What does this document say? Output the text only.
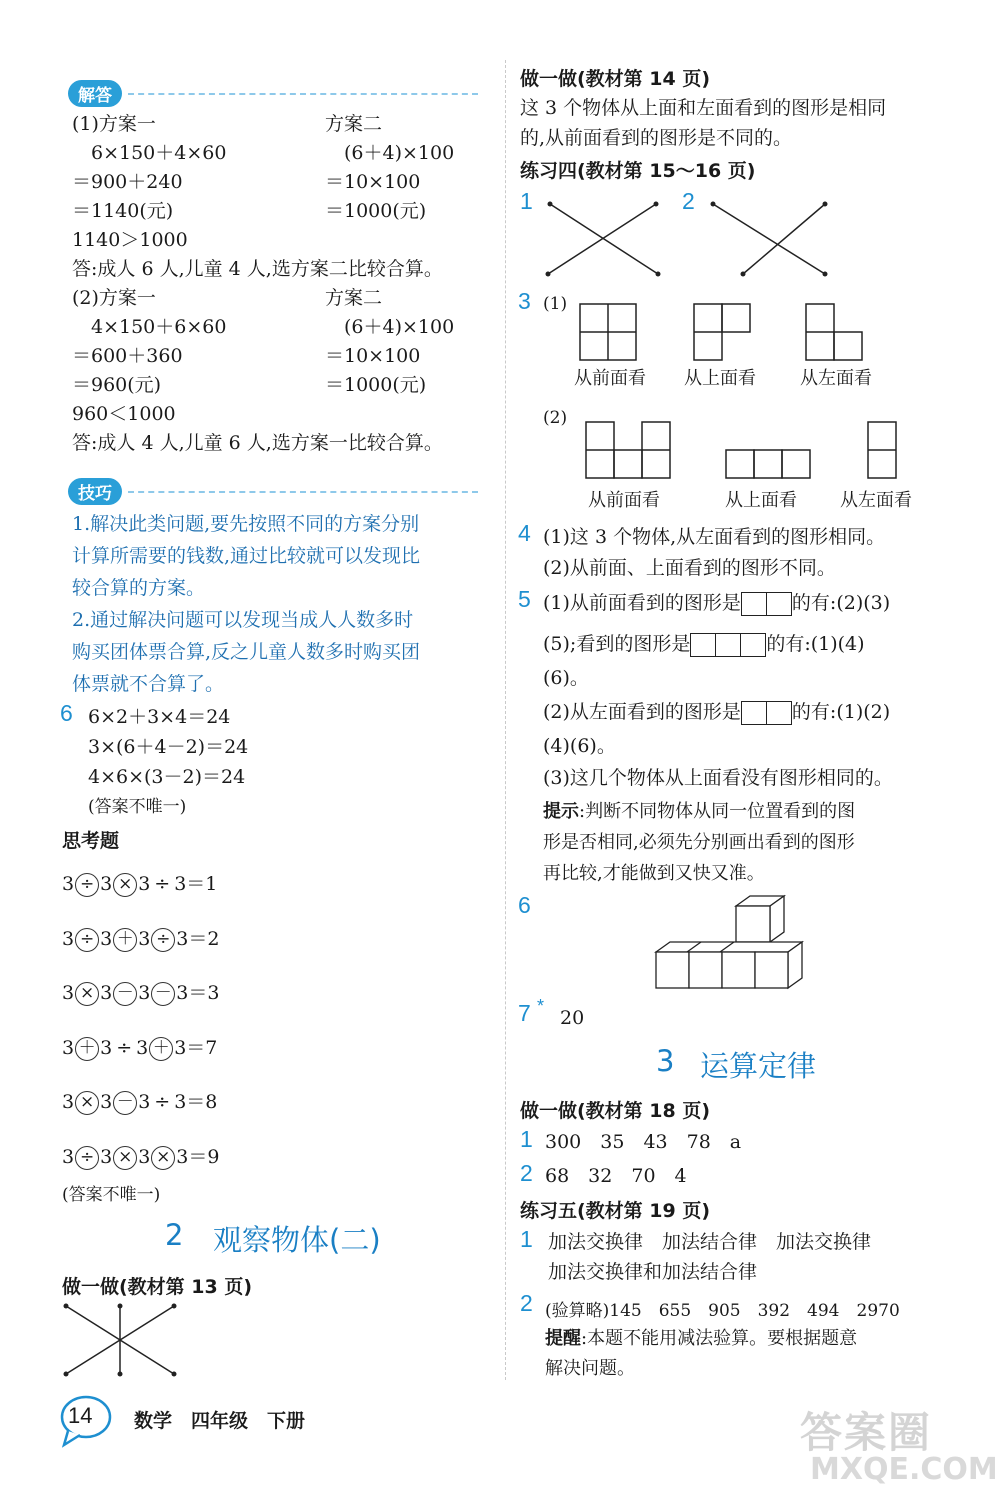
解答
(1)方案一	方案二
　6×150＋4×60	　(6＋4)×100
＝900＋240	＝10×100
＝1140(元)	＝1000(元)
1140＞1000
答:成人 6 人,儿童 4 人,选方案二比较合算。
(2)方案一	方案二
　4×150＋6×60	　(6＋4)×100
＝600＋360	＝10×100
＝960(元)	＝1000(元)
960＜1000
答:成人 4 人,儿童 6 人,选方案一比较合算。
技巧
1.解决此类问题,要先按照不同的方案分别
计算所需要的钱数,通过比较就可以发现比
较合算的方案。
2.通过解决问题可以发现当成人人数多时
购买团体票合算,反之儿童人数多时购买团
体票就不合算了。
6 6×2＋3×4＝24
3×(6＋4－2)＝24
4×6×(3－2)＝24
(答案不唯一)
思考题
3 ÷ 3 × 3 ÷ 3＝1
3 ÷ 3 ＋ 3 ÷ 3＝2
3 × 3 － 3 － 3＝3
3 ＋ 3 ÷ 3 ＋ 3＝7
3 × 3 － 3 ÷ 3＝8
3 ÷ 3 × 3 × 3＝9
(答案不唯一)
2 观察物体(二)
做一做(教材第 13 页)
做一做(教材第 14 页)
这 3 个物体从上面和左面看到的图形是相同
的,从前面看到的图形是不同的。
练习四(教材第 15～16 页)
1	2
3 (1)
从前面看 从上面看 从左面看
(2)
从前面看	从上面看 从左面看
4 (1)这 3 个物体,从左面看到的图形相同。
(2)从前面、上面看到的图形不同。
5 (1)从前面看到的图形是	的有:(2)(3)
(5);看到的图形是	的有:(1)(4)
(6)。
(2)从左面看到的图形是	的有:(1)(2)
(4)(6)。
(3)这几个物体从上面看没有图形相同的。
提示:判断不同物体从同一位置看到的图
形是否相同,必须先分别画出看到的图形
再比较,才能做到又快又准。
6
7 *
20
3 运算定律
做一做(教材第 18 页)
1 300　35　43　78　a
2 68　32　70　4
练习五(教材第 19 页)
1 加法交换律　加法结合律　加法交换律
加法交换律和加法结合律
2 (验算略)145　655　905　392　494　2970
提醒:本题不能用减法验算。要根据题意
解决问题。
14 数学　四年级　下册	答案圈
MXQE.COM
